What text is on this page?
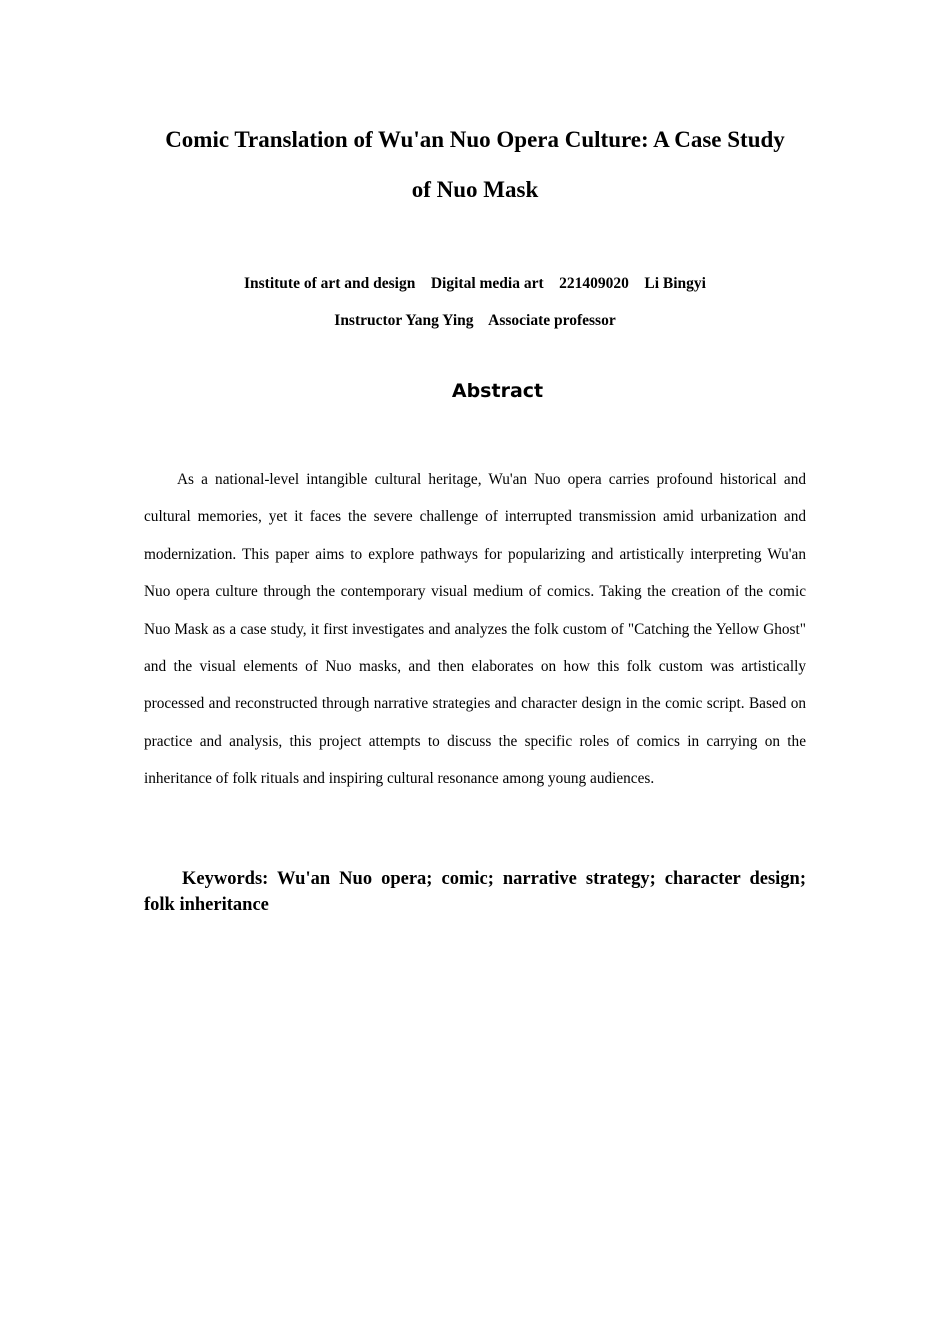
Comic Translation of Wu'an Nuo Opera Culture: A Case Study
of Nuo Mask

Institute of art and design    Digital media art    221409020    Li Bingyi

Instructor Yang Ying    Associate professor

Abstract

As a national-level intangible cultural heritage, Wu'an Nuo opera carries profound historical and cultural memories, yet it faces the severe challenge of interrupted transmission amid urbanization and modernization. This paper aims to explore pathways for popularizing and artistically interpreting Wu'an Nuo opera culture through the contemporary visual medium of comics. Taking the creation of the comic Nuo Mask as a case study, it first investigates and analyzes the folk custom of "Catching the Yellow Ghost" and the visual elements of Nuo masks, and then elaborates on how this folk custom was artistically processed and reconstructed through narrative strategies and character design in the comic script. Based on practice and analysis, this project attempts to discuss the specific roles of comics in carrying on the inheritance of folk rituals and inspiring cultural resonance among young audiences.

Keywords: Wu'an Nuo opera; comic; narrative strategy; character design; folk inheritance
